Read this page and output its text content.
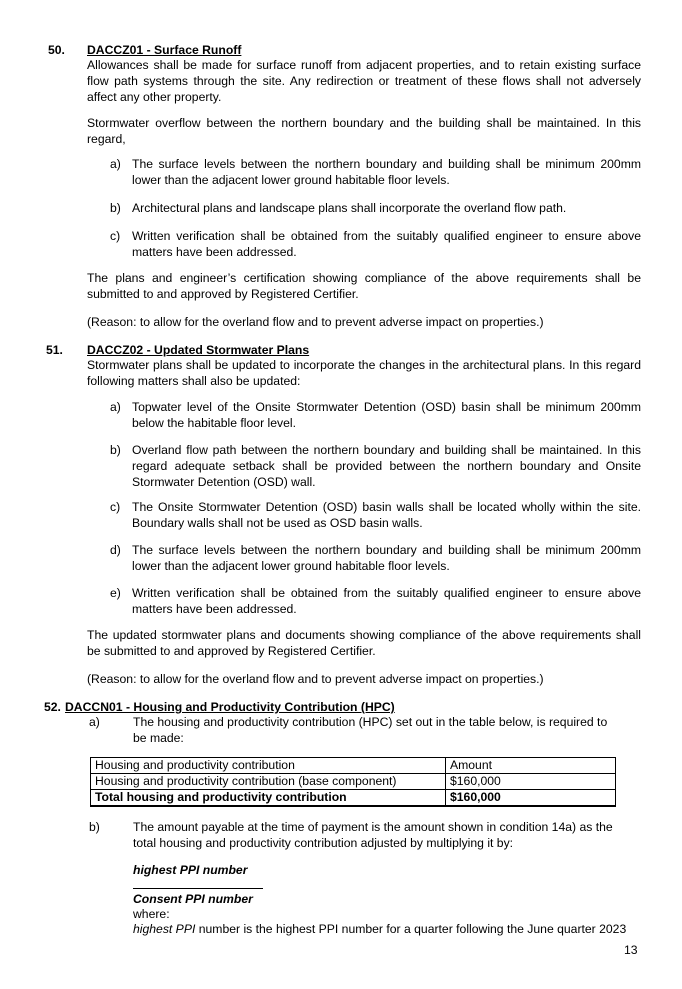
50. DACCZ01 - Surface Runoff
Allowances shall be made for surface runoff from adjacent properties, and to retain existing surface flow path systems through the site. Any redirection or treatment of these flows shall not adversely affect any other property.
Stormwater overflow between the northern boundary and the building shall be maintained. In this regard,
a) The surface levels between the northern boundary and building shall be minimum 200mm lower than the adjacent lower ground habitable floor levels.
b) Architectural plans and landscape plans shall incorporate the overland flow path.
c) Written verification shall be obtained from the suitably qualified engineer to ensure above matters have been addressed.
The plans and engineer’s certification showing compliance of the above requirements shall be submitted to and approved by Registered Certifier.
(Reason: to allow for the overland flow and to prevent adverse impact on properties.)
51. DACCZ02 - Updated Stormwater Plans
Stormwater plans shall be updated to incorporate the changes in the architectural plans. In this regard following matters shall also be updated:
a) Topwater level of the Onsite Stormwater Detention (OSD) basin shall be minimum 200mm below the habitable floor level.
b) Overland flow path between the northern boundary and building shall be maintained. In this regard adequate setback shall be provided between the northern boundary and Onsite Stormwater Detention (OSD) wall.
c) The Onsite Stormwater Detention (OSD) basin walls shall be located wholly within the site. Boundary walls shall not be used as OSD basin walls.
d) The surface levels between the northern boundary and building shall be minimum 200mm lower than the adjacent lower ground habitable floor levels.
e) Written verification shall be obtained from the suitably qualified engineer to ensure above matters have been addressed.
The updated stormwater plans and documents showing compliance of the above requirements shall be submitted to and approved by Registered Certifier.
(Reason: to allow for the overland flow and to prevent adverse impact on properties.)
52. DACCN01 - Housing and Productivity Contribution (HPC)
a)	The housing and productivity contribution (HPC) set out in the table below, is required to be made:
Housing and productivity contribution	Amount
Housing and productivity contribution (base component)	$160,000
Total housing and productivity contribution	$160,000
b)	The amount payable at the time of payment is the amount shown in condition 14a) as the total housing and productivity contribution adjusted by multiplying it by:
highest PPI number
Consent PPI number
where:
highest PPI number is the highest PPI number for a quarter following the June quarter 2023
13
